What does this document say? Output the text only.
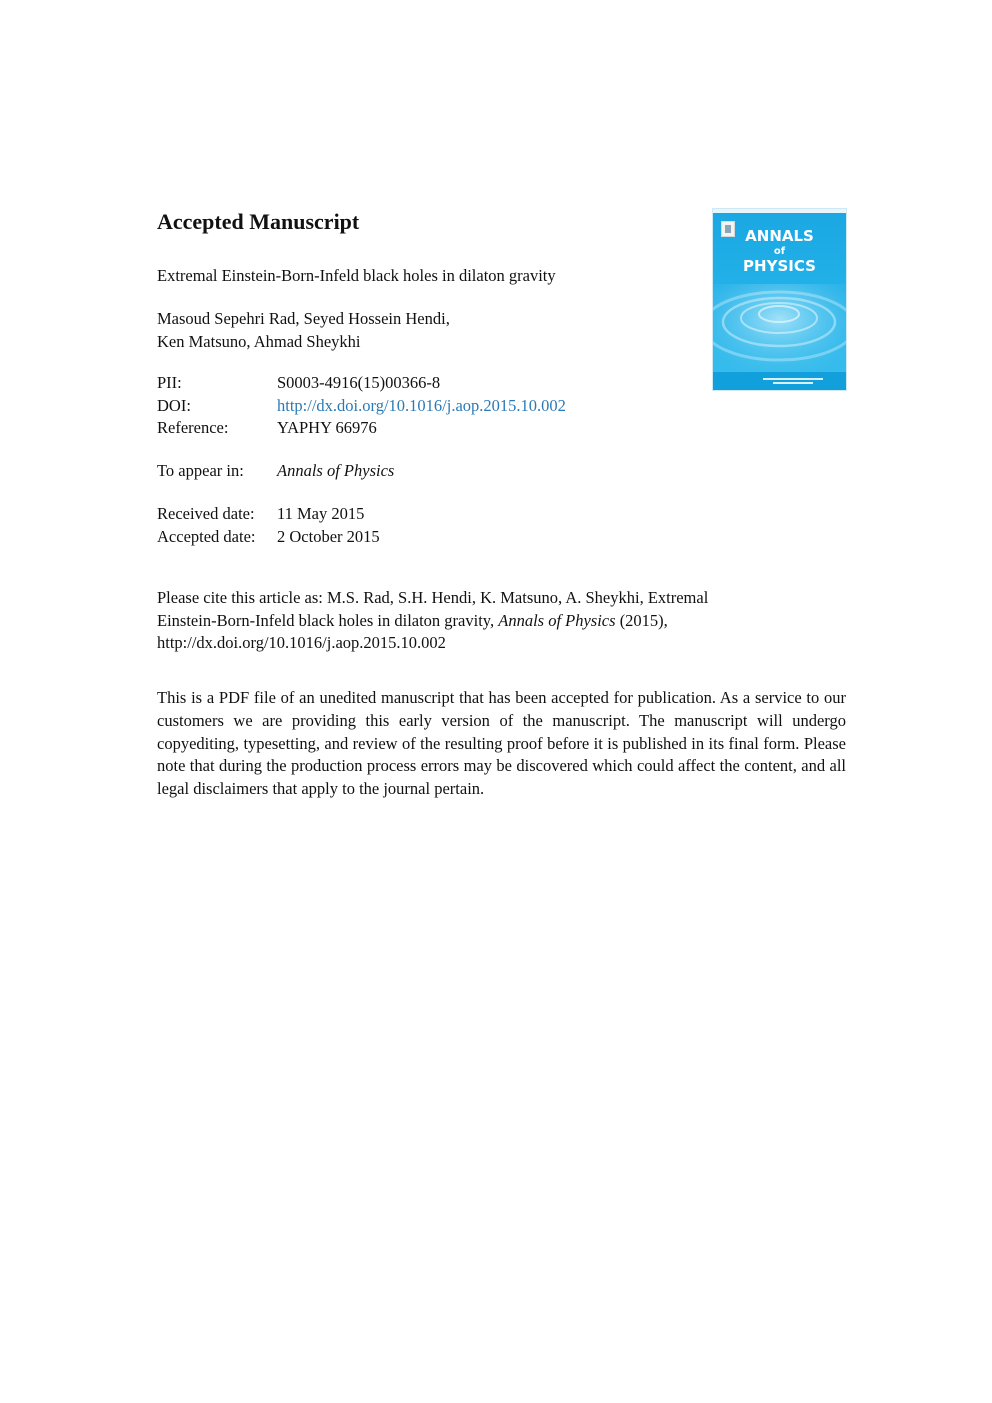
Accepted Manuscript
ANNALS
of
PHYSICS
Extremal Einstein-Born-Infeld black holes in dilaton gravity
Masoud Sepehri Rad, Seyed Hossein Hendi,
Ken Matsuno, Ahmad Sheykhi
PII:	S0003-4916(15)00366-8
DOI:	http://dx.doi.org/10.1016/j.aop.2015.10.002
Reference:	YAPHY 66976
To appear in:	Annals of Physics
Received date:	11 May 2015
Accepted date:	2 October 2015
Please cite this article as: M.S. Rad, S.H. Hendi, K. Matsuno, A. Sheykhi, Extremal
Einstein-Born-Infeld black holes in dilaton gravity, Annals of Physics (2015),
http://dx.doi.org/10.1016/j.aop.2015.10.002

This is a PDF file of an unedited manuscript that has been accepted for publication. As a service to our customers we are providing this early version of the manuscript. The manuscript will undergo copyediting, typesetting, and review of the resulting proof before it is published in its final form. Please note that during the production process errors may be discovered which could affect the content, and all legal disclaimers that apply to the journal pertain.
